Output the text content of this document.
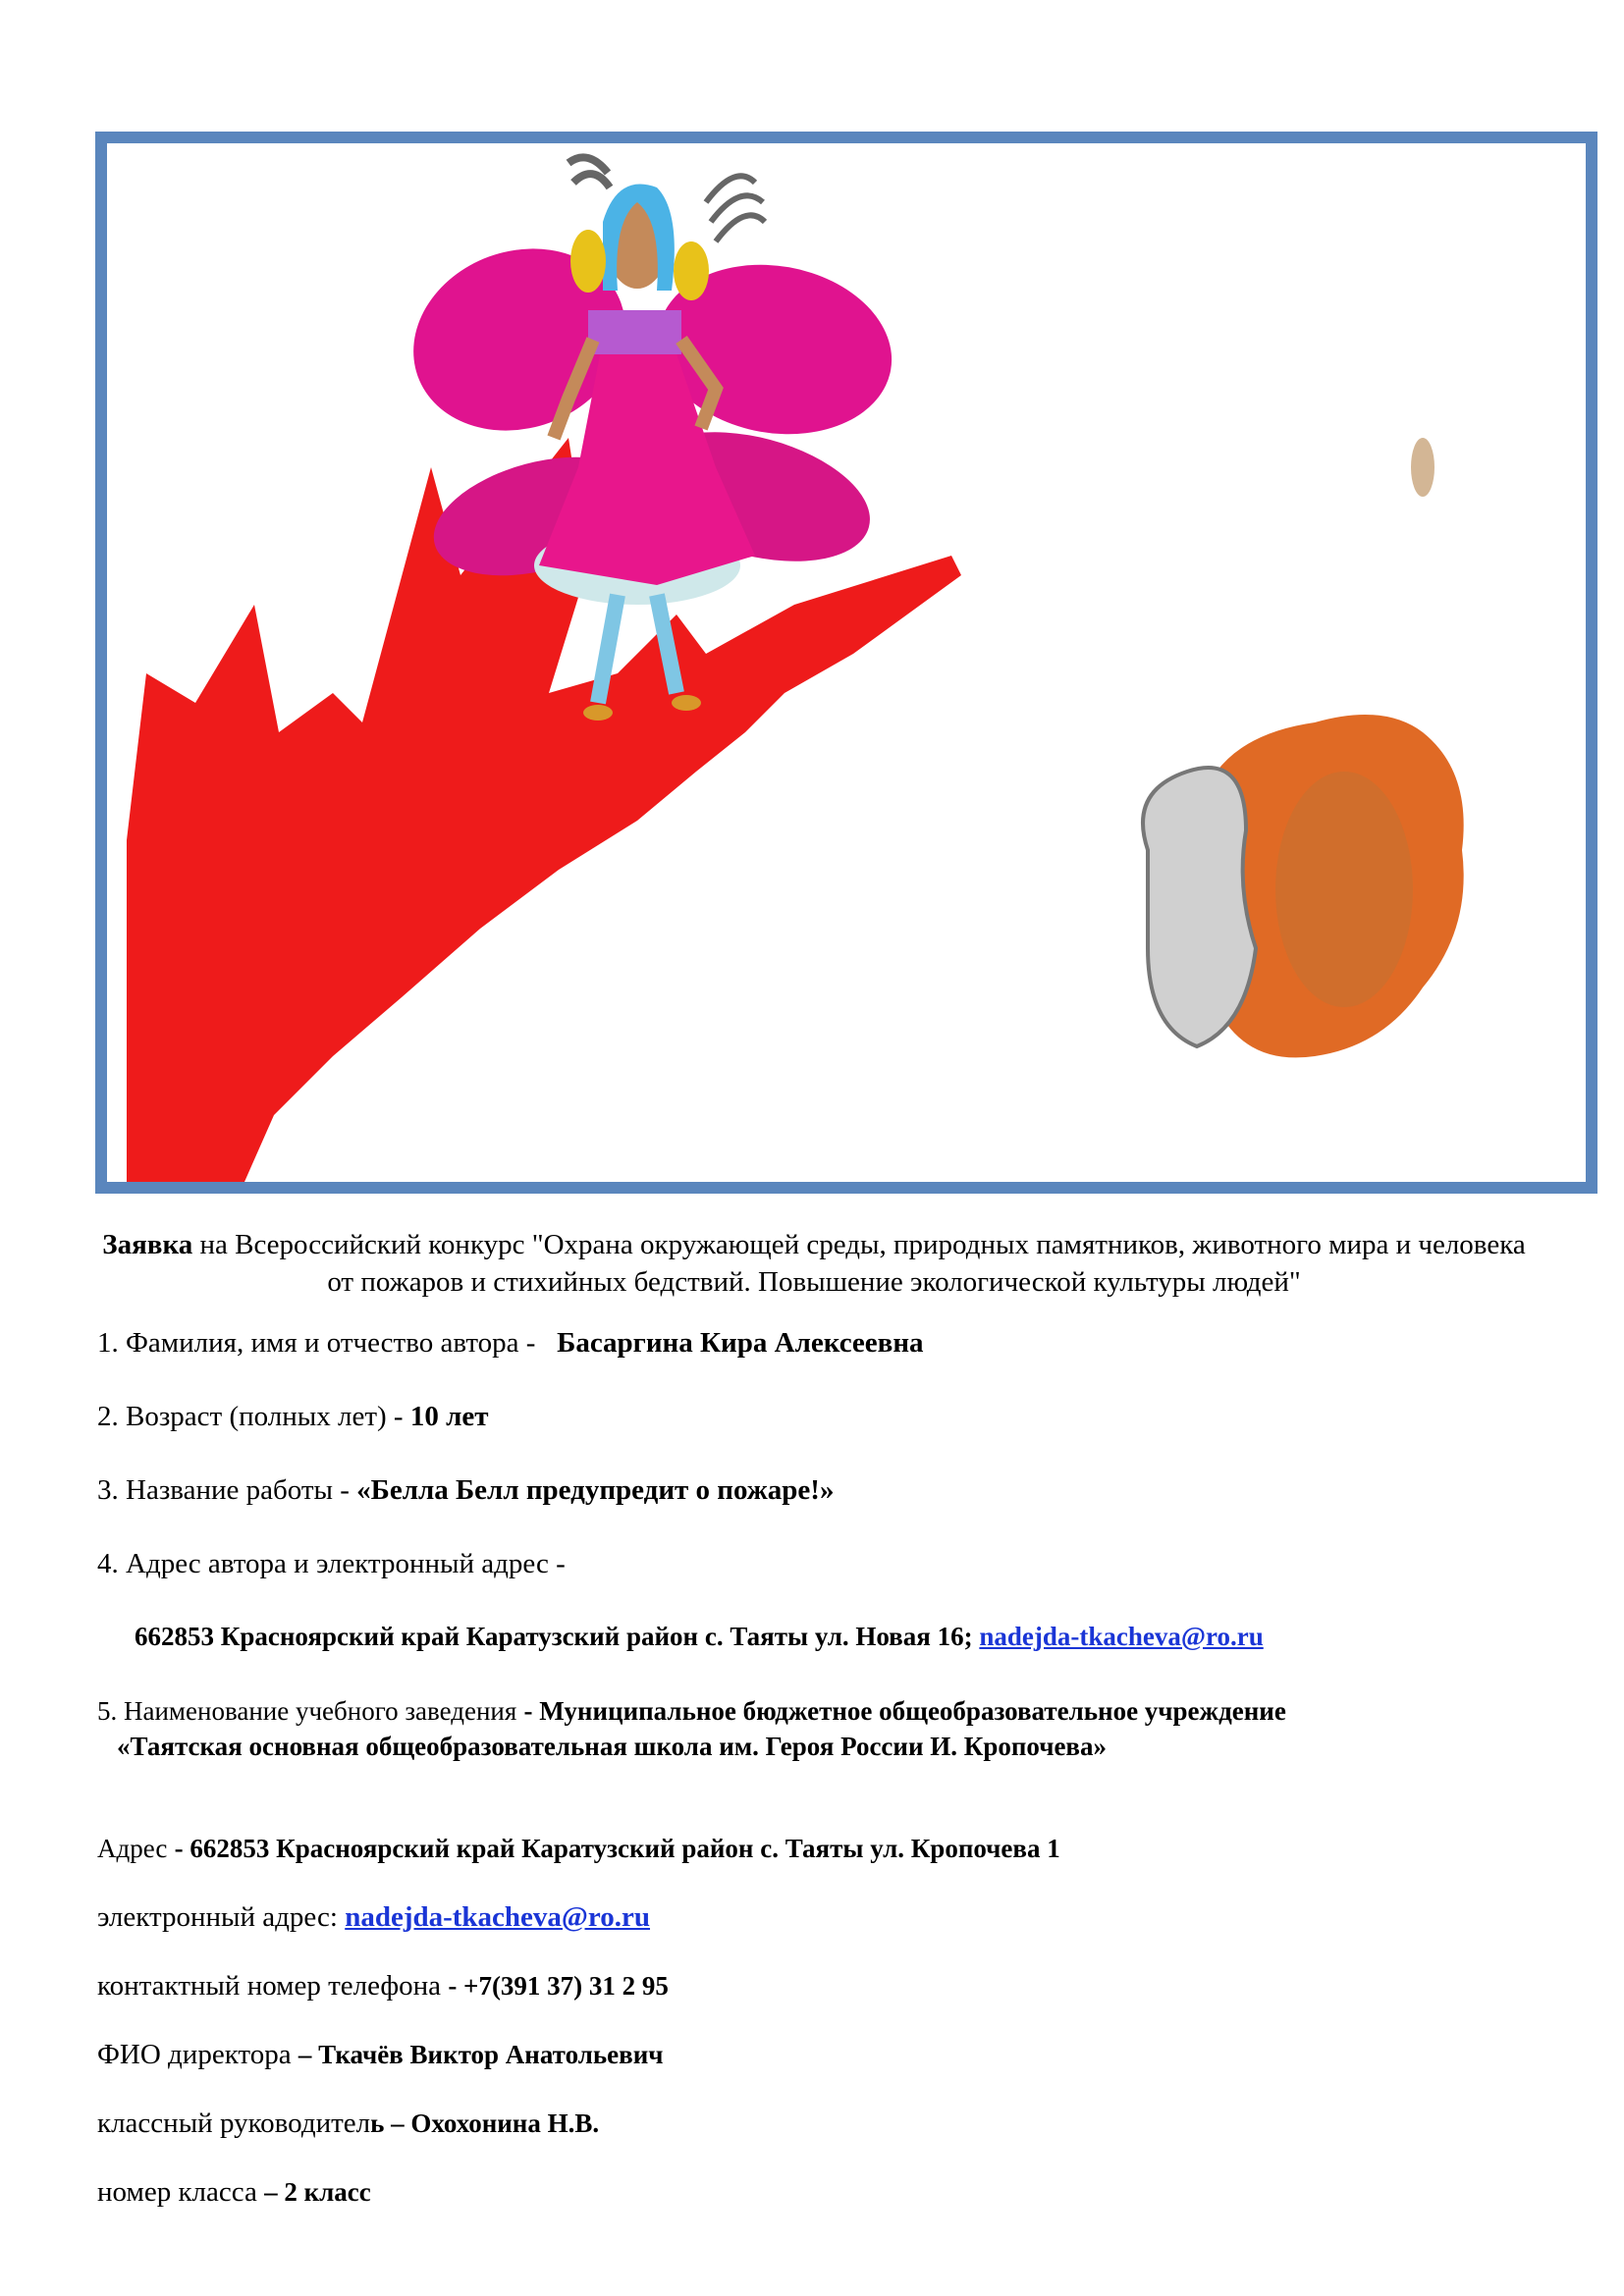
Заявка на Всероссийский конкурс "Охрана окружающей среды, природных памятников, животного мира и человека от пожаров и стихийных бедствий. Повышение экологической культуры людей"
1. Фамилия, имя и отчество автора - Басаргина Кира Алексеевна
2. Возраст (полных лет) - 10 лет
3. Название работы - «Белла Белл предупредит о пожаре!»
4. Адрес автора и электронный адрес -
662853 Красноярский край Каратузский район с. Таяты ул. Новая 16; nadejda-tkacheva@ro.ru
5. Наименование учебного заведения - Муниципальное бюджетное общеобразовательное учреждение
«Таятская основная общеобразовательная школа им. Героя России И. Кропочева»
Адрес - 662853 Красноярский край Каратузский район с. Таяты ул. Кропочева 1
электронный адрес: nadejda-tkacheva@ro.ru
контактный номер телефона - +7(391 37) 31 2 95
ФИО директора – Ткачёв Виктор Анатольевич
классный руководитель – Охохонина Н.В.
номер класса – 2 класс
